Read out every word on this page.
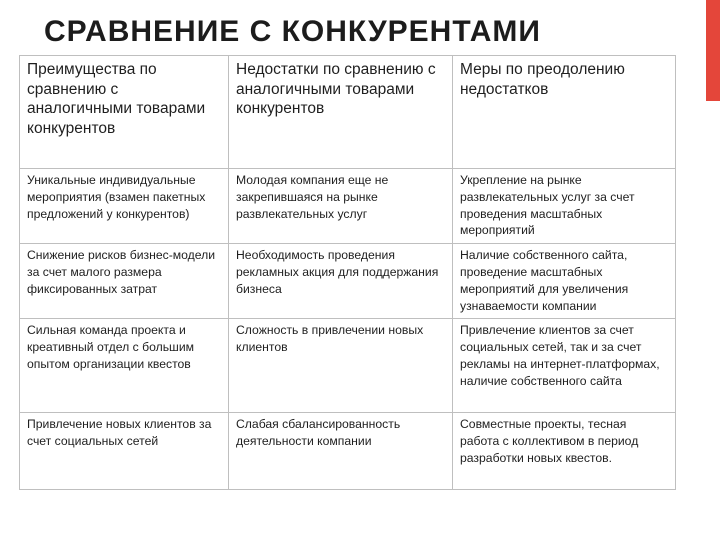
СРАВНЕНИЕ С КОНКУРЕНТАМИ
Преимущества по сравнению с аналогичными товарами конкурентов	Недостатки по сравнению с аналогичными товарами конкурентов	Меры по преодолению недостатков
Уникальные индивидуальные мероприятия (взамен пакетных предложений у конкурентов)	Молодая компания еще не закрепившаяся на рынке развлекательных услуг	Укрепление на рынке развлекательных услуг за счет проведения масштабных мероприятий
Снижение рисков бизнес-модели за счет малого размера фиксированных затрат	Необходимость проведения рекламных акция для поддержания бизнеса	Наличие собственного сайта, проведение масштабных мероприятий для увеличения узнаваемости компании
Сильная команда проекта и креативный отдел с большим опытом организации квестов	Сложность в привлечении новых клиентов	Привлечение клиентов за счет социальных сетей, так и за счет рекламы на интернет-платформах, наличие собственного сайта
Привлечение новых клиентов за счет социальных сетей	Слабая сбалансированность деятельности компании	Совместные проекты, тесная работа с коллективом в период разработки новых квестов.
